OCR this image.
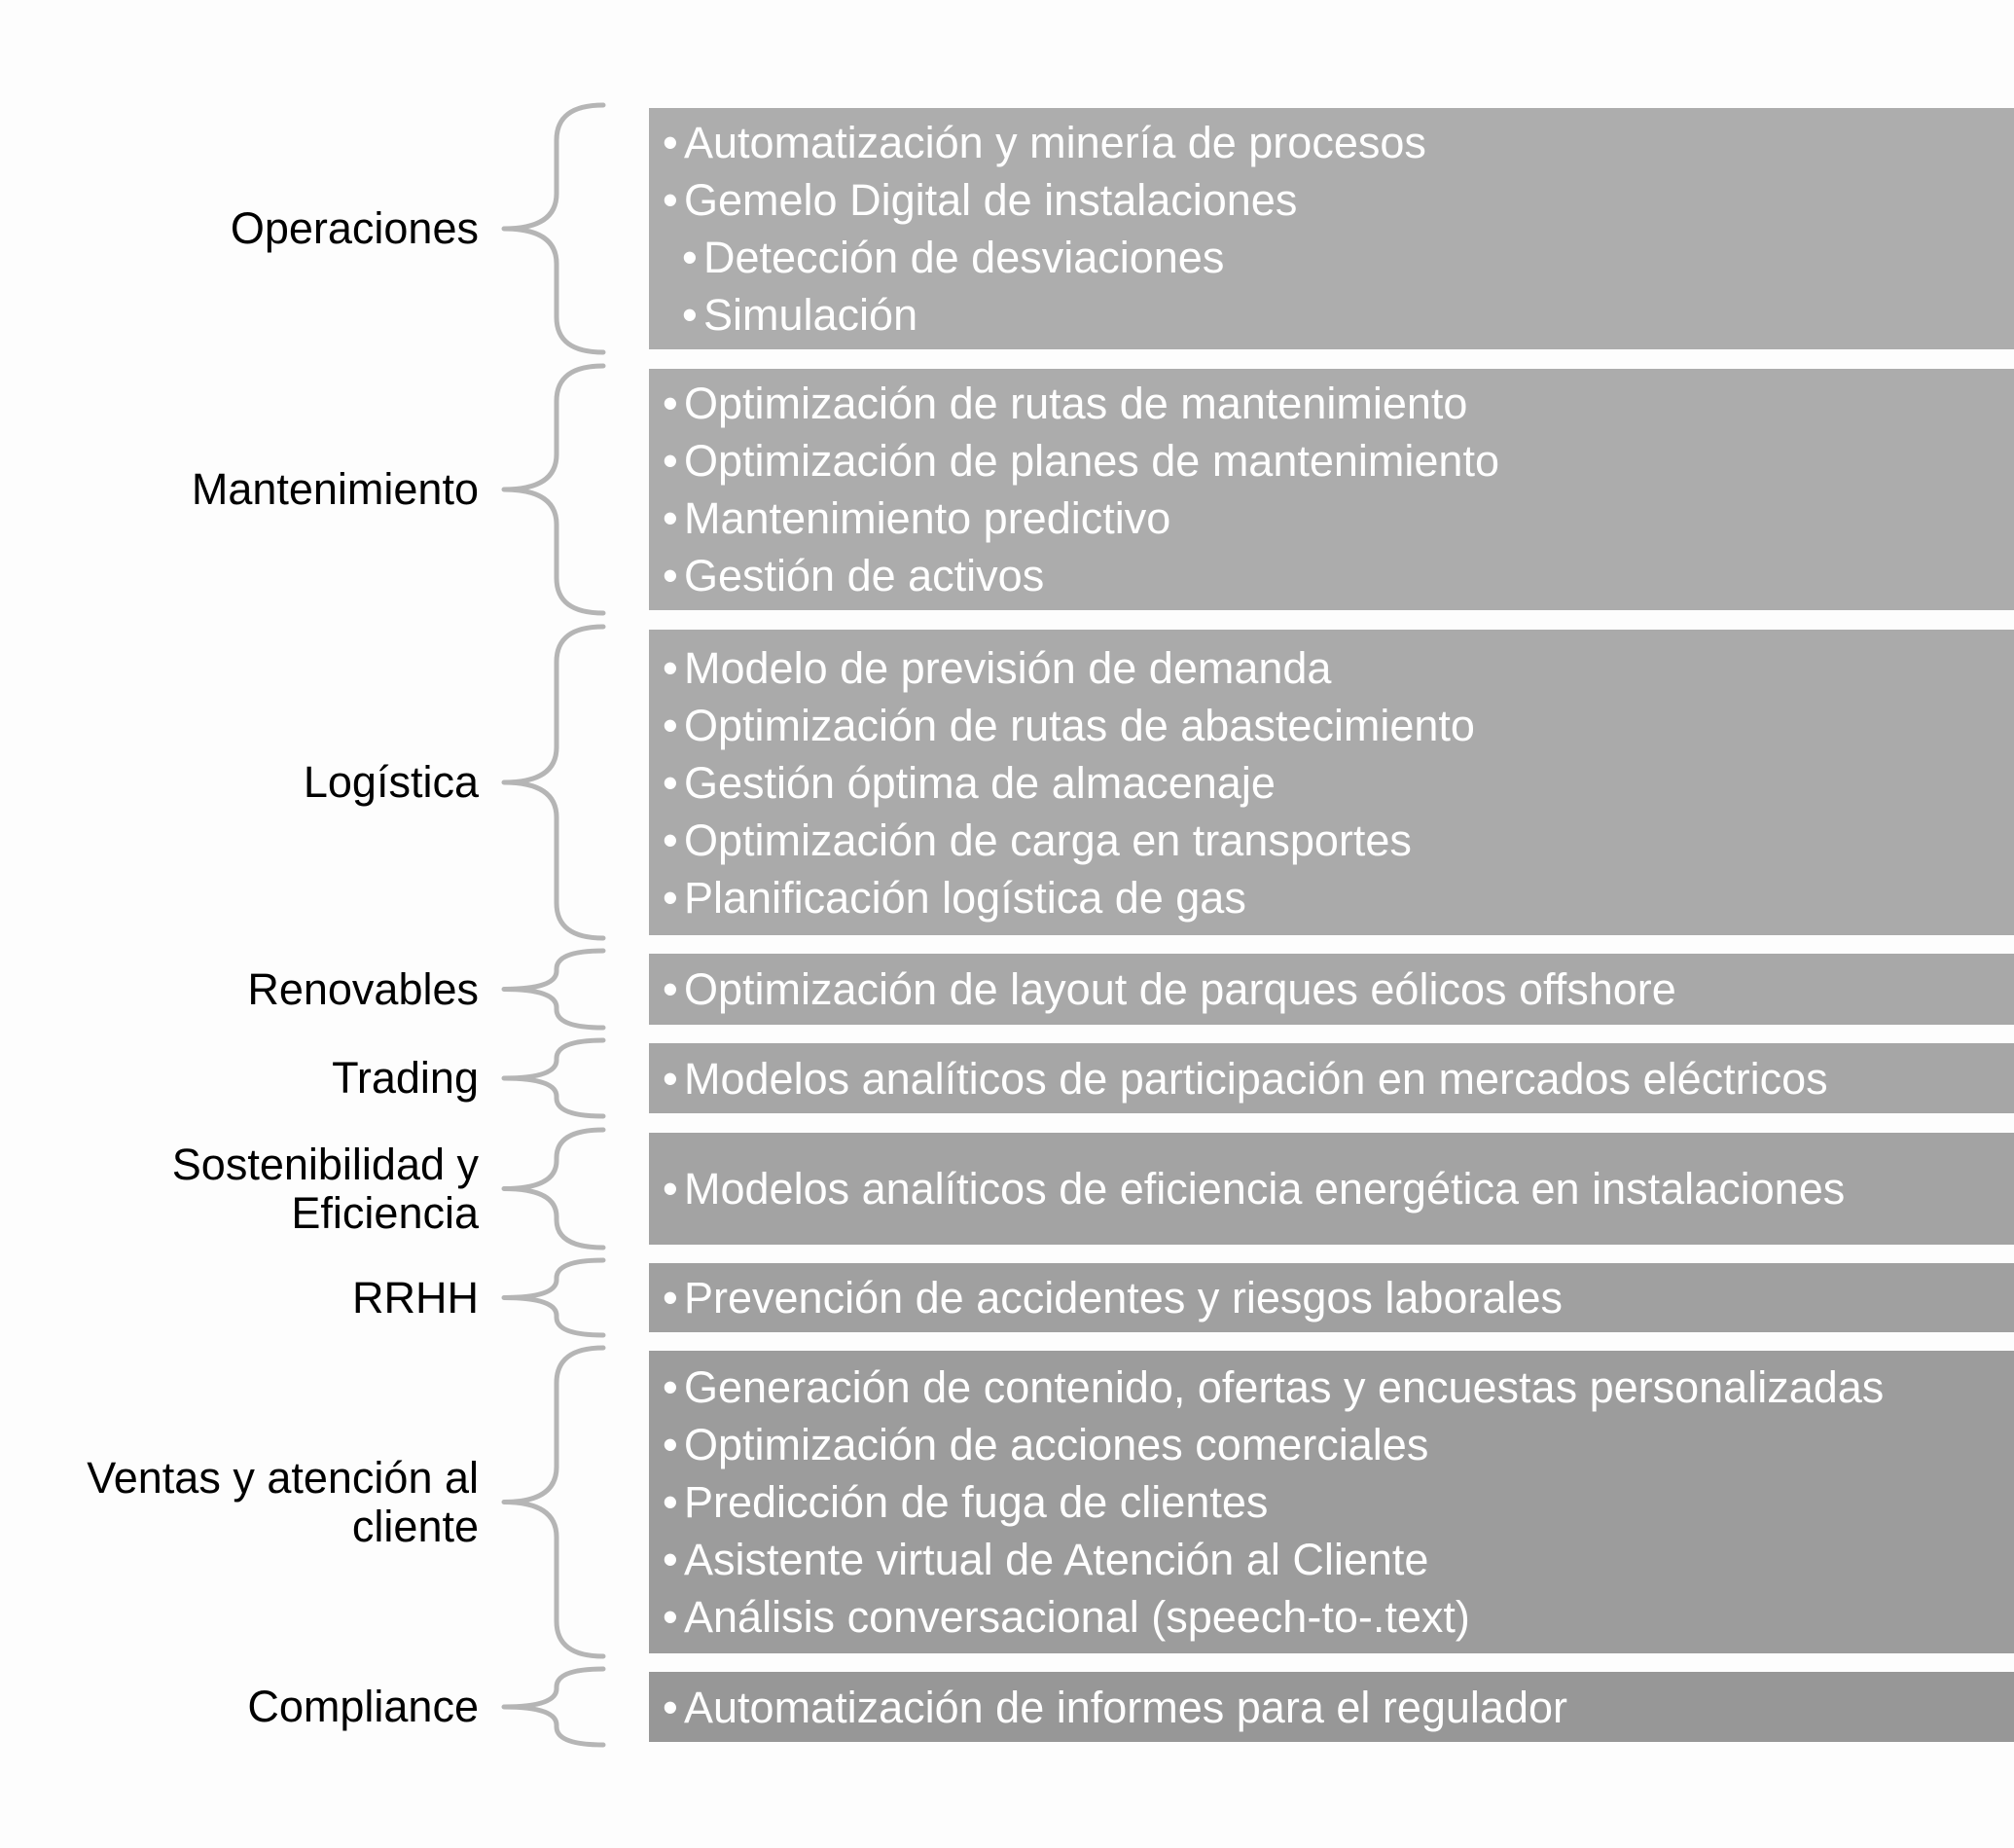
Operaciones
• Automatización y minería de procesos
• Gemelo Digital de instalaciones
• Detección de desviaciones
• Simulación
Mantenimiento
• Optimización de rutas de mantenimiento
• Optimización de planes de mantenimiento
• Mantenimiento predictivo
• Gestión de activos
Logística
• Modelo de previsión de demanda
• Optimización de rutas de abastecimiento
• Gestión óptima de almacenaje
• Optimización de carga en transportes
• Planificación logística de gas
Renovables	• Optimización de layout de parques eólicos offshore
Trading	• Modelos analíticos de participación en mercados eléctricos
Sostenibilidad y
Eficiencia	• Modelos analíticos de eficiencia energética en instalaciones
RRHH	• Prevención de accidentes y riesgos laborales
Ventas y atención al
cliente
• Generación de contenido, ofertas y encuestas personalizadas
• Optimización de acciones comerciales
• Predicción de fuga de clientes
• Asistente virtual de Atención al Cliente
• Análisis conversacional (speech-to-.text)
Compliance	• Automatización de informes para el regulador
